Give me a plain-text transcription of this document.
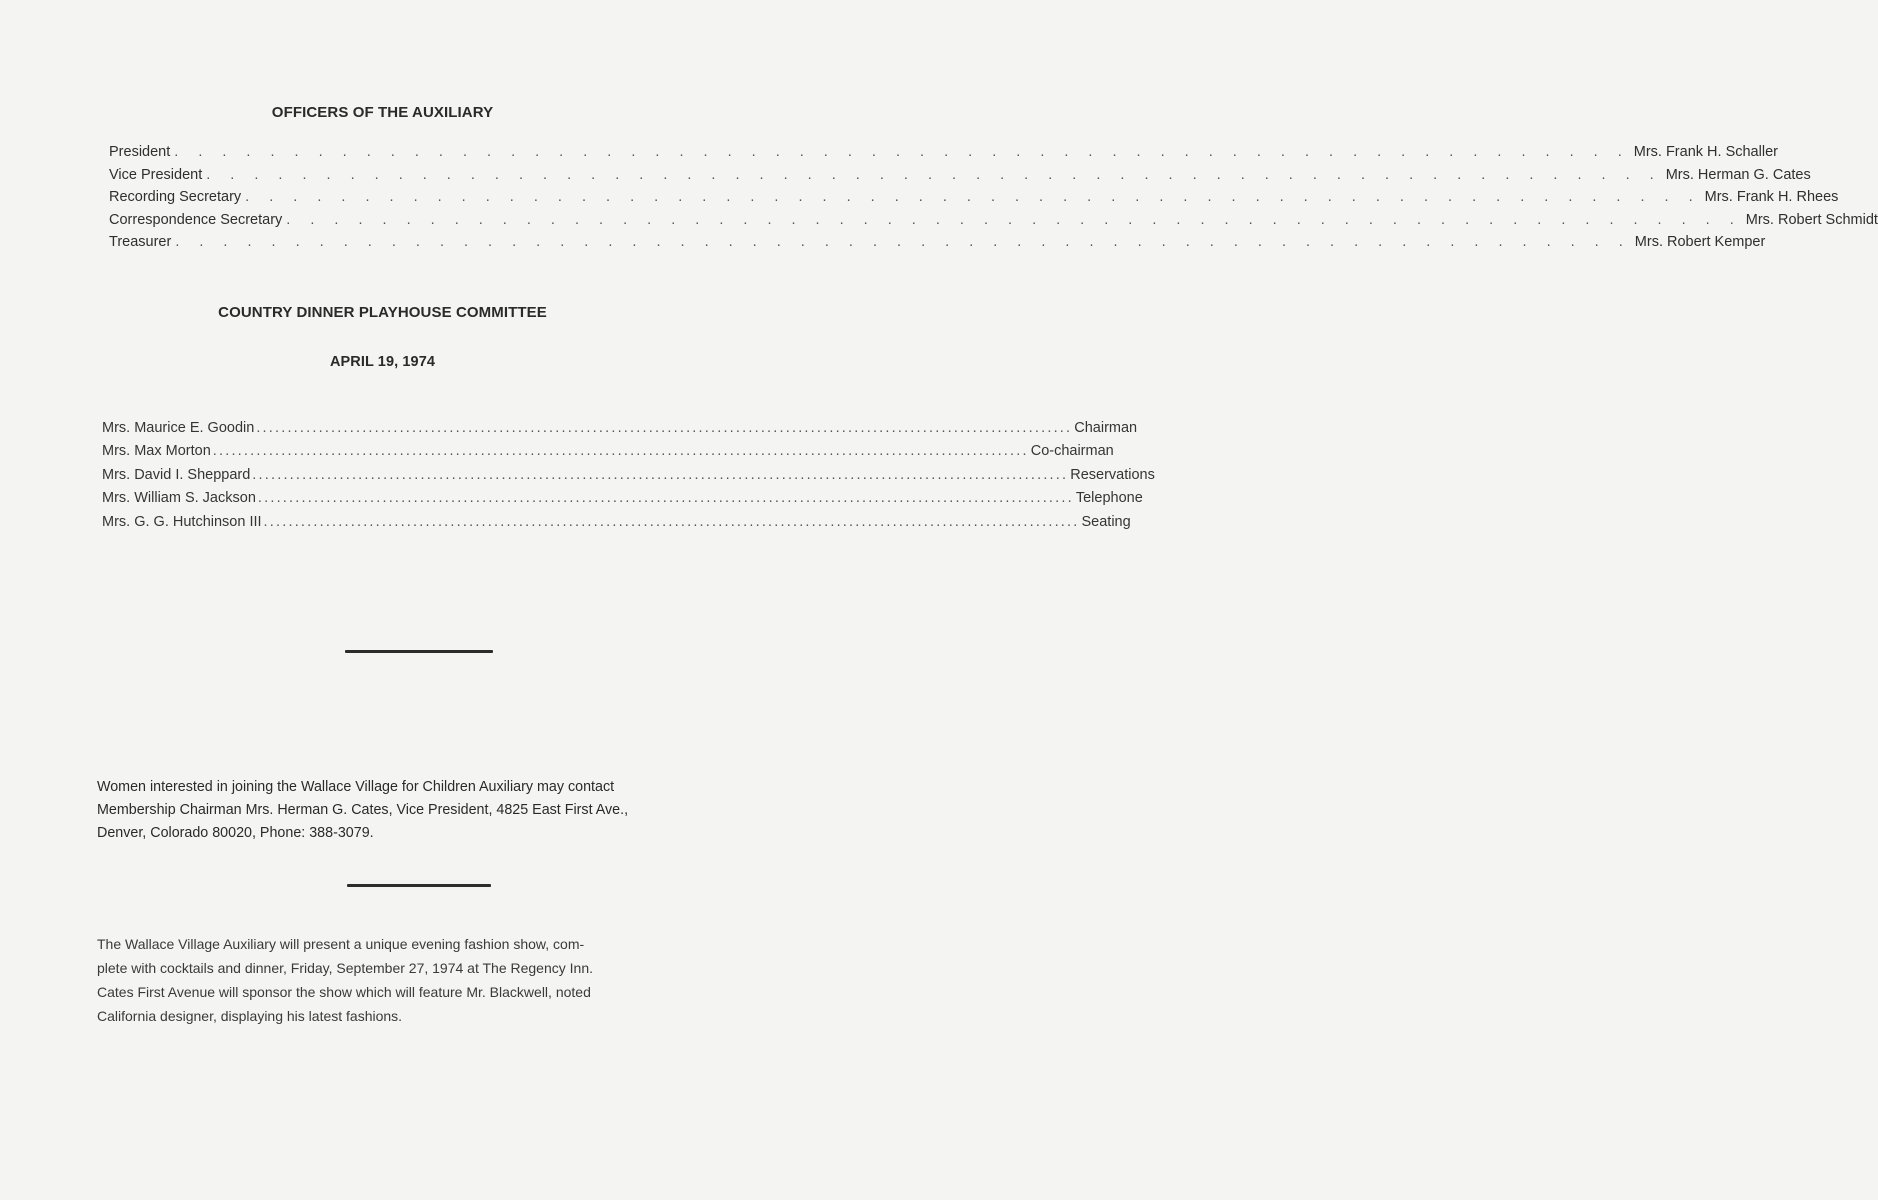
OFFICERS OF THE AUXILIARY
President . . . . . . . . . . . . . . . . . . . . . . . . . . . . . . . . . . . . . . . . . . . . . . . . . . . . . . . . . . . . . Mrs. Frank H. Schaller
Vice President . . . . . . . . . . . . . . . . . . . . . . . . . . . . . . . . . . . . . . . . . . . . . . . . . . . . . . . . . . . . . Mrs. Herman G. Cates
Recording Secretary . . . . . . . . . . . . . . . . . . . . . . . . . . . . . . . . . . . . . . . . . . . . . . . . . . . . . . . . . . . . . Mrs. Frank H. Rhees
Correspondence Secretary . . . . . . . . . . . . . . . . . . . . . . . . . . . . . . . . . . . . . . . . . . . . . . . . . . . . . . . . . . . . . Mrs. Robert Schmidt
Treasurer . . . . . . . . . . . . . . . . . . . . . . . . . . . . . . . . . . . . . . . . . . . . . . . . . . . . . . . . . . . . . Mrs. Robert Kemper
COUNTRY DINNER PLAYHOUSE COMMITTEE
APRIL 19, 1974
Mrs. Maurice E. Goodin ................................................................................................................................... Chairman
Mrs. Max Morton ................................................................................................................................... Co-chairman
Mrs. David I. Sheppard ................................................................................................................................... Reservations
Mrs. William S. Jackson ................................................................................................................................... Telephone
Mrs. G. G. Hutchinson III ................................................................................................................................... Seating
Women interested in joining the Wallace Village for Children Auxiliary may contact
Membership Chairman Mrs. Herman G. Cates, Vice President, 4825 East First Ave.,
Denver, Colorado 80020, Phone: 388-3079.
The Wallace Village Auxiliary will present a unique evening fashion show, com-
plete with cocktails and dinner, Friday, September 27, 1974 at The Regency Inn.
Cates First Avenue will sponsor the show which will feature Mr. Blackwell, noted
California designer, displaying his latest fashions.
